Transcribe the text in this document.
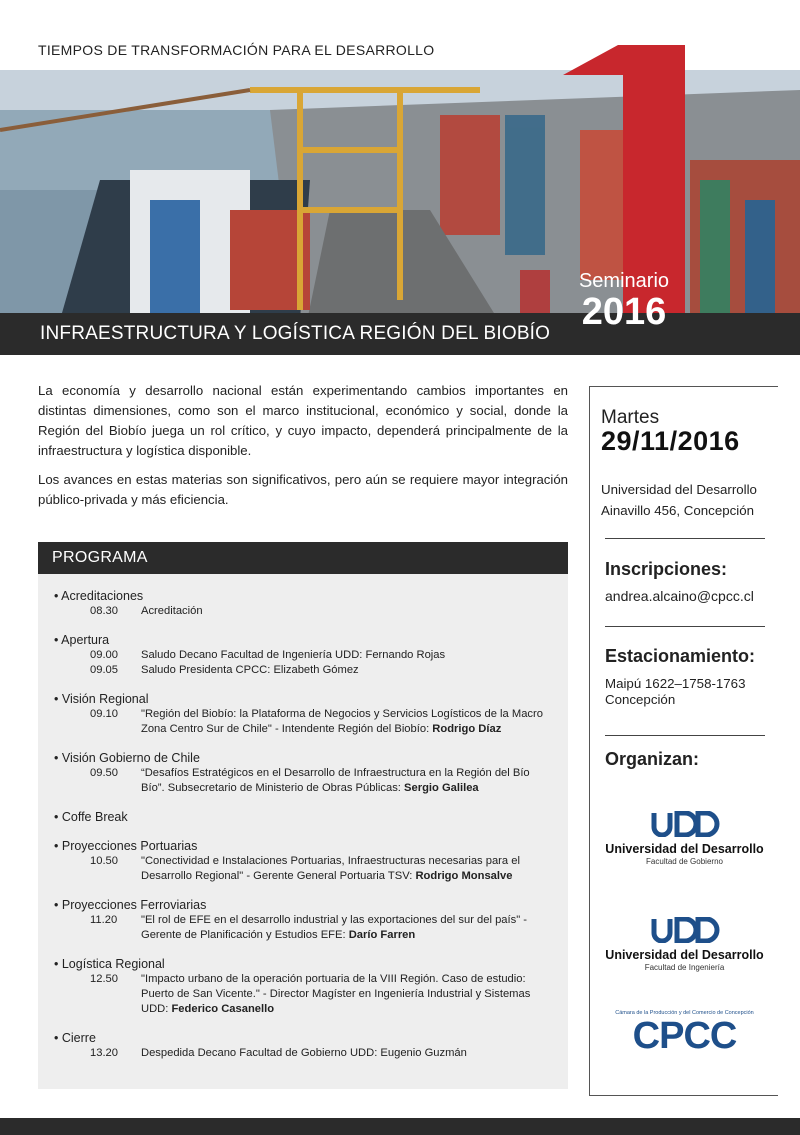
TIEMPOS DE TRANSFORMACIÓN PARA EL DESARROLLO
INFRAESTRUCTURA Y LOGÍSTICA REGIÓN DEL BIOBÍO
Seminario
2016

La economía y desarrollo nacional están experimentando cambios importantes en distintas dimensiones, como son el marco institucional, económico y social, donde la Región del Biobío juega un rol crítico, y cuyo impacto, dependerá principalmente de la infraestructura y logística disponible.

Los avances en estas materias son significativos, pero aún se requiere mayor integración público-privada y más eficiencia.

PROGRAMA
• Acreditaciones
08.30	Acreditación
• Apertura
09.00	Saludo Decano Facultad de Ingeniería UDD: Fernando Rojas
09.05	Saludo Presidenta CPCC: Elizabeth Gómez
• Visión Regional
09.10	"Región del Biobío: la Plataforma de Negocios y Servicios Logísticos de la Macro Zona Centro Sur de Chile" - Intendente Región del Biobío: Rodrigo Díaz
• Visión Gobierno de Chile
09.50	“Desafíos Estratégicos en el Desarrollo de Infraestructura en la Región del Bío Bío”. Subsecretario de Ministerio de Obras Públicas: Sergio Galilea
• Coffe Break
• Proyecciones Portuarias
10.50	"Conectividad e Instalaciones Portuarias, Infraestructuras necesarias para el Desarrollo Regional" - Gerente General Portuaria TSV: Rodrigo Monsalve
• Proyecciones Ferroviarias
11.20	"El rol de EFE en el desarrollo industrial y las exportaciones del sur del país" - Gerente de Planificación y Estudios EFE: Darío Farren
• Logística Regional
12.50	"Impacto urbano de la operación portuaria de la VIII Región. Caso de estudio: Puerto de San Vicente." - Director Magíster en Ingeniería Industrial y Sistemas UDD: Federico Casanello
• Cierre
13.20	Despedida Decano Facultad de Gobierno UDD: Eugenio Guzmán
Martes
29/11/2016
Universidad del Desarrollo
Ainavillo 456, Concepción
Inscripciones:
andrea.alcaino@cpcc.cl
Estacionamiento:
Maipú 1622–1758-1763
Concepción
Organizan:
Universidad del Desarrollo
Facultad de Gobierno
Universidad del Desarrollo
Facultad de Ingeniería
Cámara de la Producción y del Comercio de Concepción
CPCC
